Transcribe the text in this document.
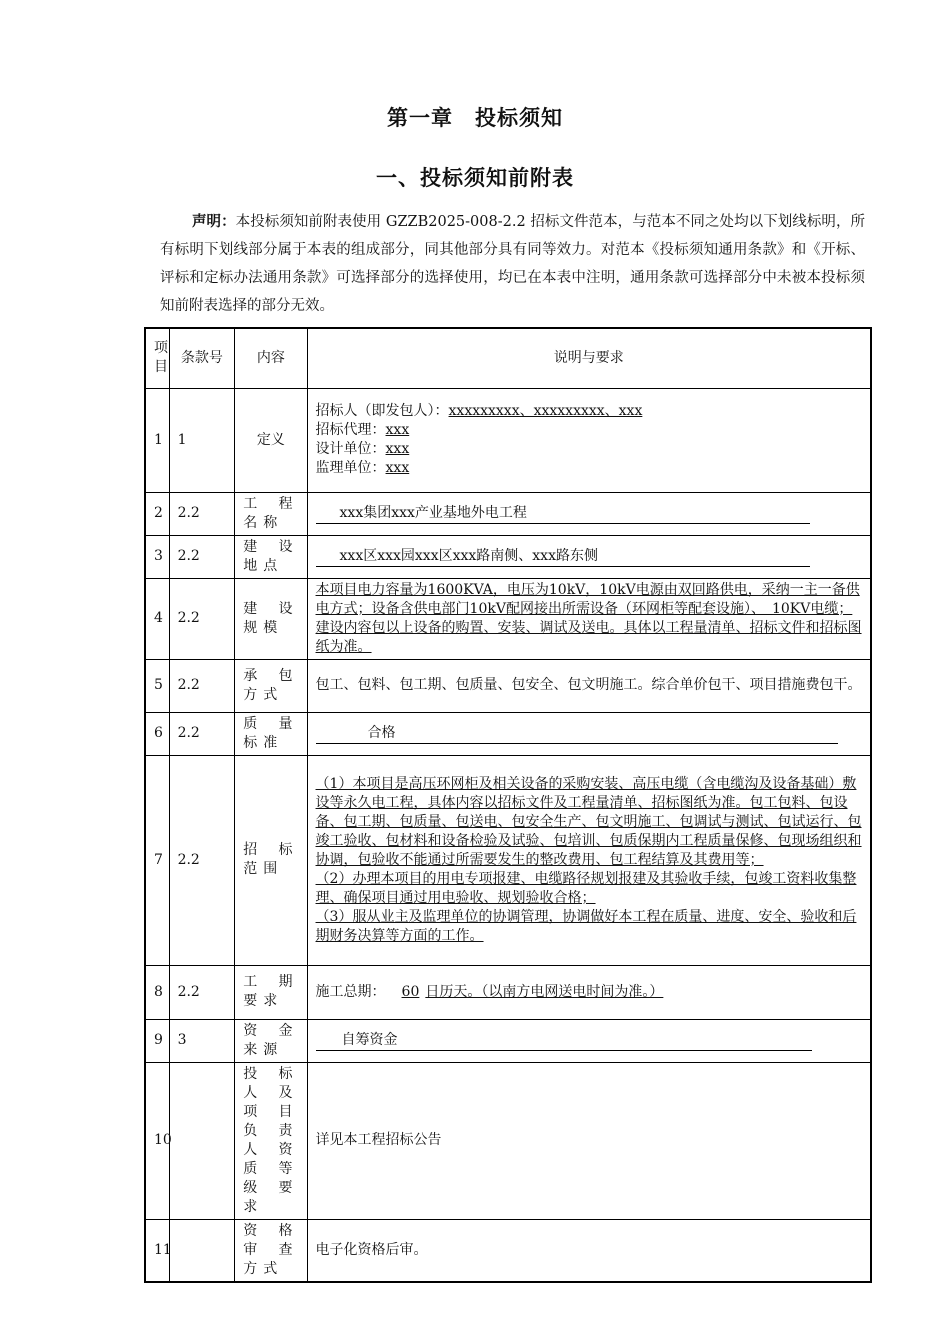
第一章　投标须知
一、投标须知前附表
声明：本投标须知前附表使用 GZZB2025-008-2.2 招标文件范本，与范本不同之处均以下划线标明，所有标明下划线部分属于本表的组成部分，同其他部分具有同等效力。对范本《投标须知通用条款》和《开标、评标和定标办法通用条款》可选择部分的选择使用，均已在本表中注明，通用条款可选择部分中未被本投标须知前附表选择的部分无效。
项目	条款号	内容	说明与要求
1	1	定义	招标人（即发包人）：xxxxxxxxx、xxxxxxxxx、xxx
招标代理：xxx
设计单位：xxx
监理单位：xxx

2	2.2	工程名称	xxx集团xxx产业基地外电工程
3	2.2	建设地点	xxx区xxx园xxx区xxx路南侧、xxx路东侧
4	2.2	建设规模	本项目电力容量为1600KVA，电压为10kV，10kV电源由双回路供电，采纳一主一备供电方式；设备含供电部门10kV配网接出所需设备（环网柜等配套设施）、　10KV电缆；建设内容包以上设备的购置、安装、调试及送电。具体以工程量清单、招标文件和招标图纸为准。
5	2.2	承包方式	包工、包料、包工期、包质量、包安全、包文明施工。综合单价包干、项目措施费包干。
6	2.2	质量标准	合格
7	2.2	招标范围	（1）本项目是高压环网柜及相关设备的采购安装、高压电缆（含电缆沟及设备基础）敷设等永久电工程，具体内容以招标文件及工程量清单、招标图纸为准。包工包料、包设备、包工期、包质量、包送电、包安全生产、包文明施工、包调试与测试、包试运行、包竣工验收、包材料和设备检验及试验、包培训、包质保期内工程质量保修、包现场组织和协调，包验收不能通过所需要发生的整改费用、包工程结算及其费用等；
（2）办理本项目的用电专项报建、电缆路径规划报建及其验收手续，包竣工资料收集整理、确保项目通过用电验收、规划验收合格；
（3）服从业主及监理单位的协调管理，协调做好本工程在质量、进度、安全、验收和后期财务决算等方面的工作。

8	2.2	工期要求	施工总期： 60 日历天。（以南方电网送电时间为准。）
9	3	资金来源	自筹资金
10		投标人及项目负责人资质等级要求	详见本工程招标公告
11		资格审查方式	电子化资格后审。
